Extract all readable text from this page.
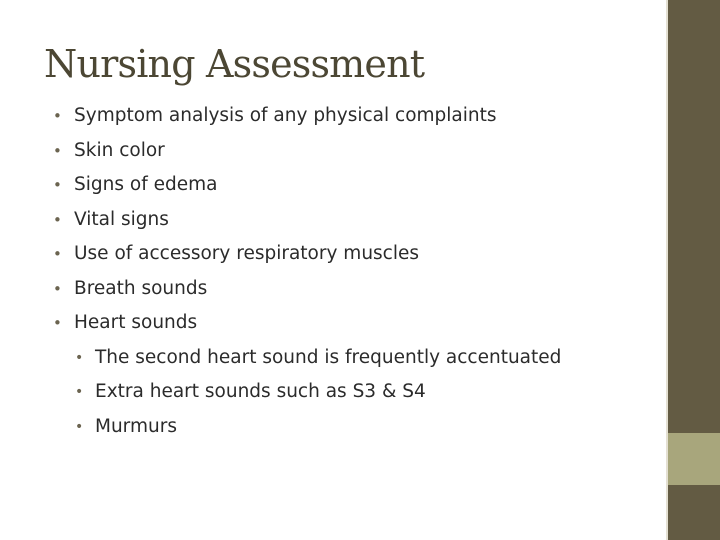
Nursing Assessment
• Symptom analysis of any physical complaints
• Skin color
• Signs of edema
• Vital signs
• Use of accessory respiratory muscles
• Breath sounds
• Heart sounds
• The second heart sound is frequently accentuated
• Extra heart sounds such as S3 & S4
• Murmurs
